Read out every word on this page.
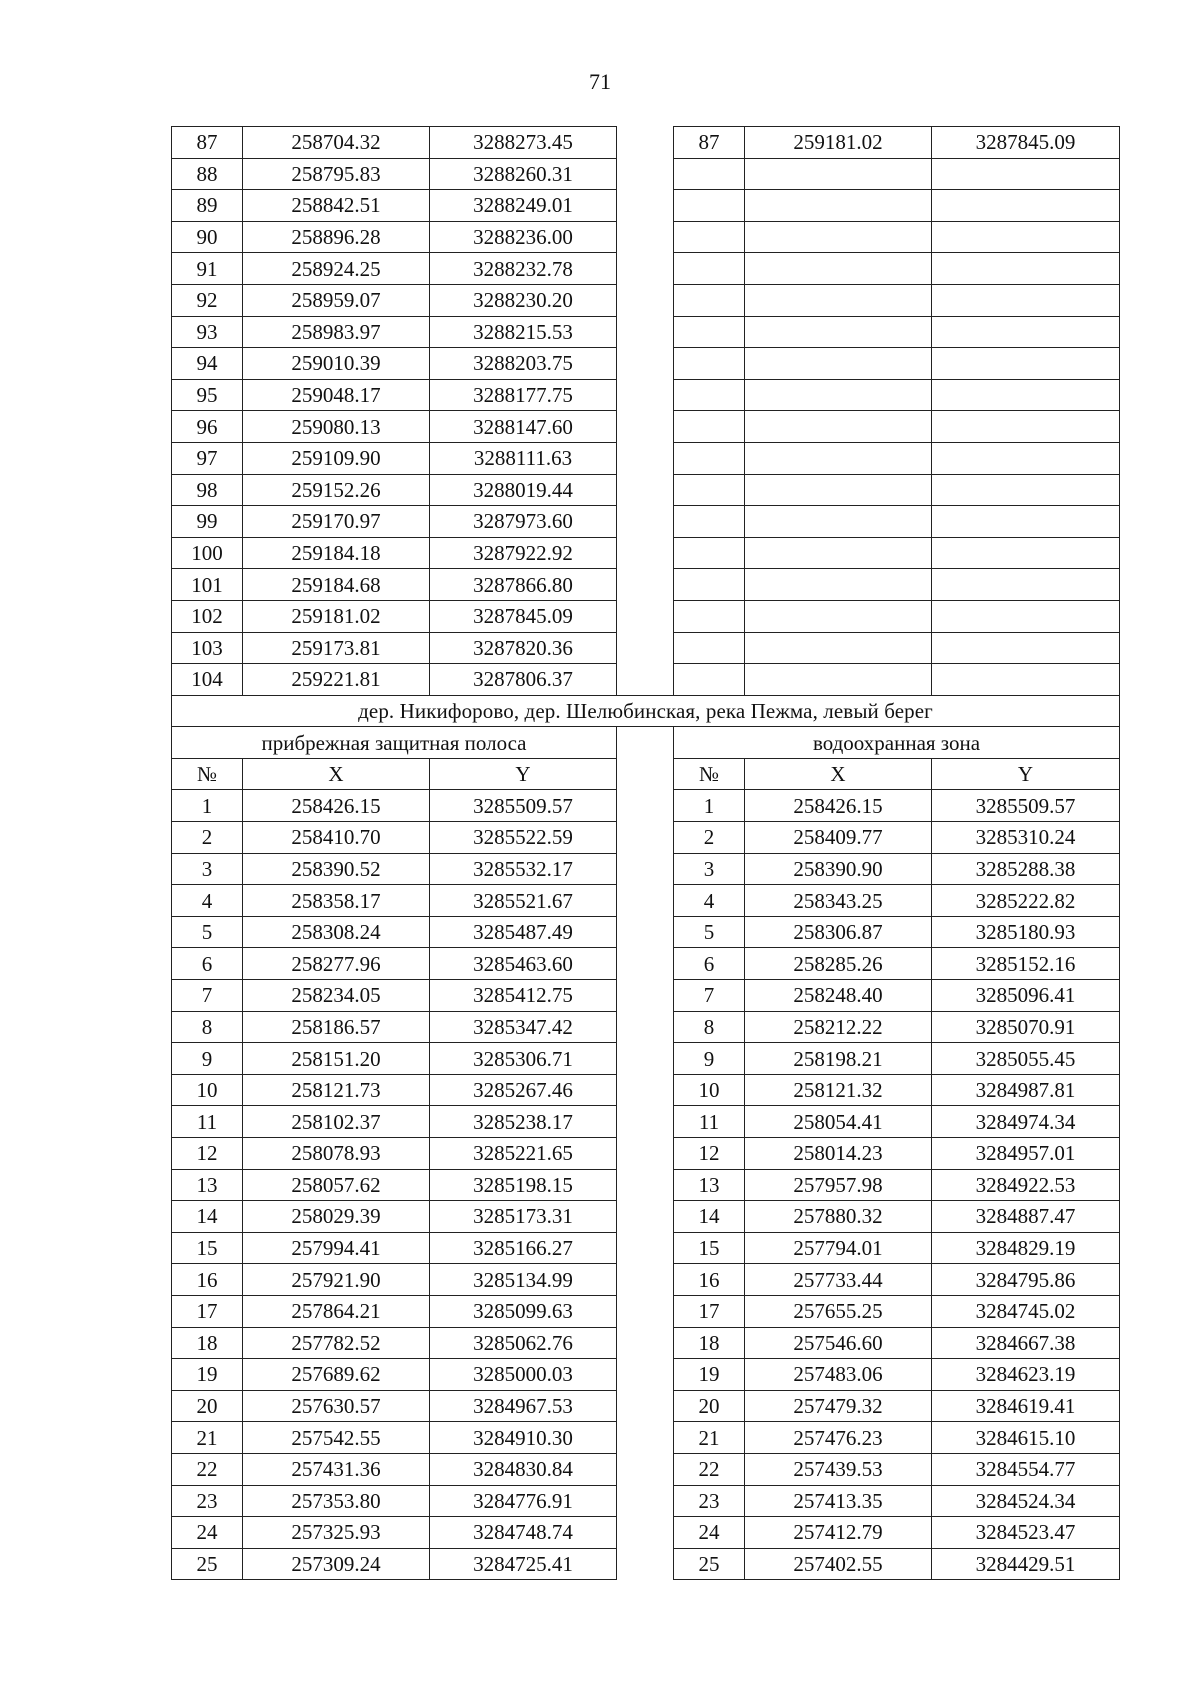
71
87	258704.32	3288273.45		87	259181.02	3287845.09
88	258795.83	3288260.31				
89	258842.51	3288249.01				
90	258896.28	3288236.00				
91	258924.25	3288232.78				
92	258959.07	3288230.20				
93	258983.97	3288215.53				
94	259010.39	3288203.75				
95	259048.17	3288177.75				
96	259080.13	3288147.60				
97	259109.90	3288111.63				
98	259152.26	3288019.44				
99	259170.97	3287973.60				
100	259184.18	3287922.92				
101	259184.68	3287866.80				
102	259181.02	3287845.09				
103	259173.81	3287820.36				
104	259221.81	3287806.37				
дер. Никифорово, дер. Шелюбинская, река Пежма, левый берег						
прибрежная защитная полоса				водоохранная зона		
№	X	Y		№	X	Y
1	258426.15	3285509.57		1	258426.15	3285509.57
2	258410.70	3285522.59		2	258409.77	3285310.24
3	258390.52	3285532.17		3	258390.90	3285288.38
4	258358.17	3285521.67		4	258343.25	3285222.82
5	258308.24	3285487.49		5	258306.87	3285180.93
6	258277.96	3285463.60		6	258285.26	3285152.16
7	258234.05	3285412.75		7	258248.40	3285096.41
8	258186.57	3285347.42		8	258212.22	3285070.91
9	258151.20	3285306.71		9	258198.21	3285055.45
10	258121.73	3285267.46		10	258121.32	3284987.81
11	258102.37	3285238.17		11	258054.41	3284974.34
12	258078.93	3285221.65		12	258014.23	3284957.01
13	258057.62	3285198.15		13	257957.98	3284922.53
14	258029.39	3285173.31		14	257880.32	3284887.47
15	257994.41	3285166.27		15	257794.01	3284829.19
16	257921.90	3285134.99		16	257733.44	3284795.86
17	257864.21	3285099.63		17	257655.25	3284745.02
18	257782.52	3285062.76		18	257546.60	3284667.38
19	257689.62	3285000.03		19	257483.06	3284623.19
20	257630.57	3284967.53		20	257479.32	3284619.41
21	257542.55	3284910.30		21	257476.23	3284615.10
22	257431.36	3284830.84		22	257439.53	3284554.77
23	257353.80	3284776.91		23	257413.35	3284524.34
24	257325.93	3284748.74		24	257412.79	3284523.47
25	257309.24	3284725.41		25	257402.55	3284429.51
